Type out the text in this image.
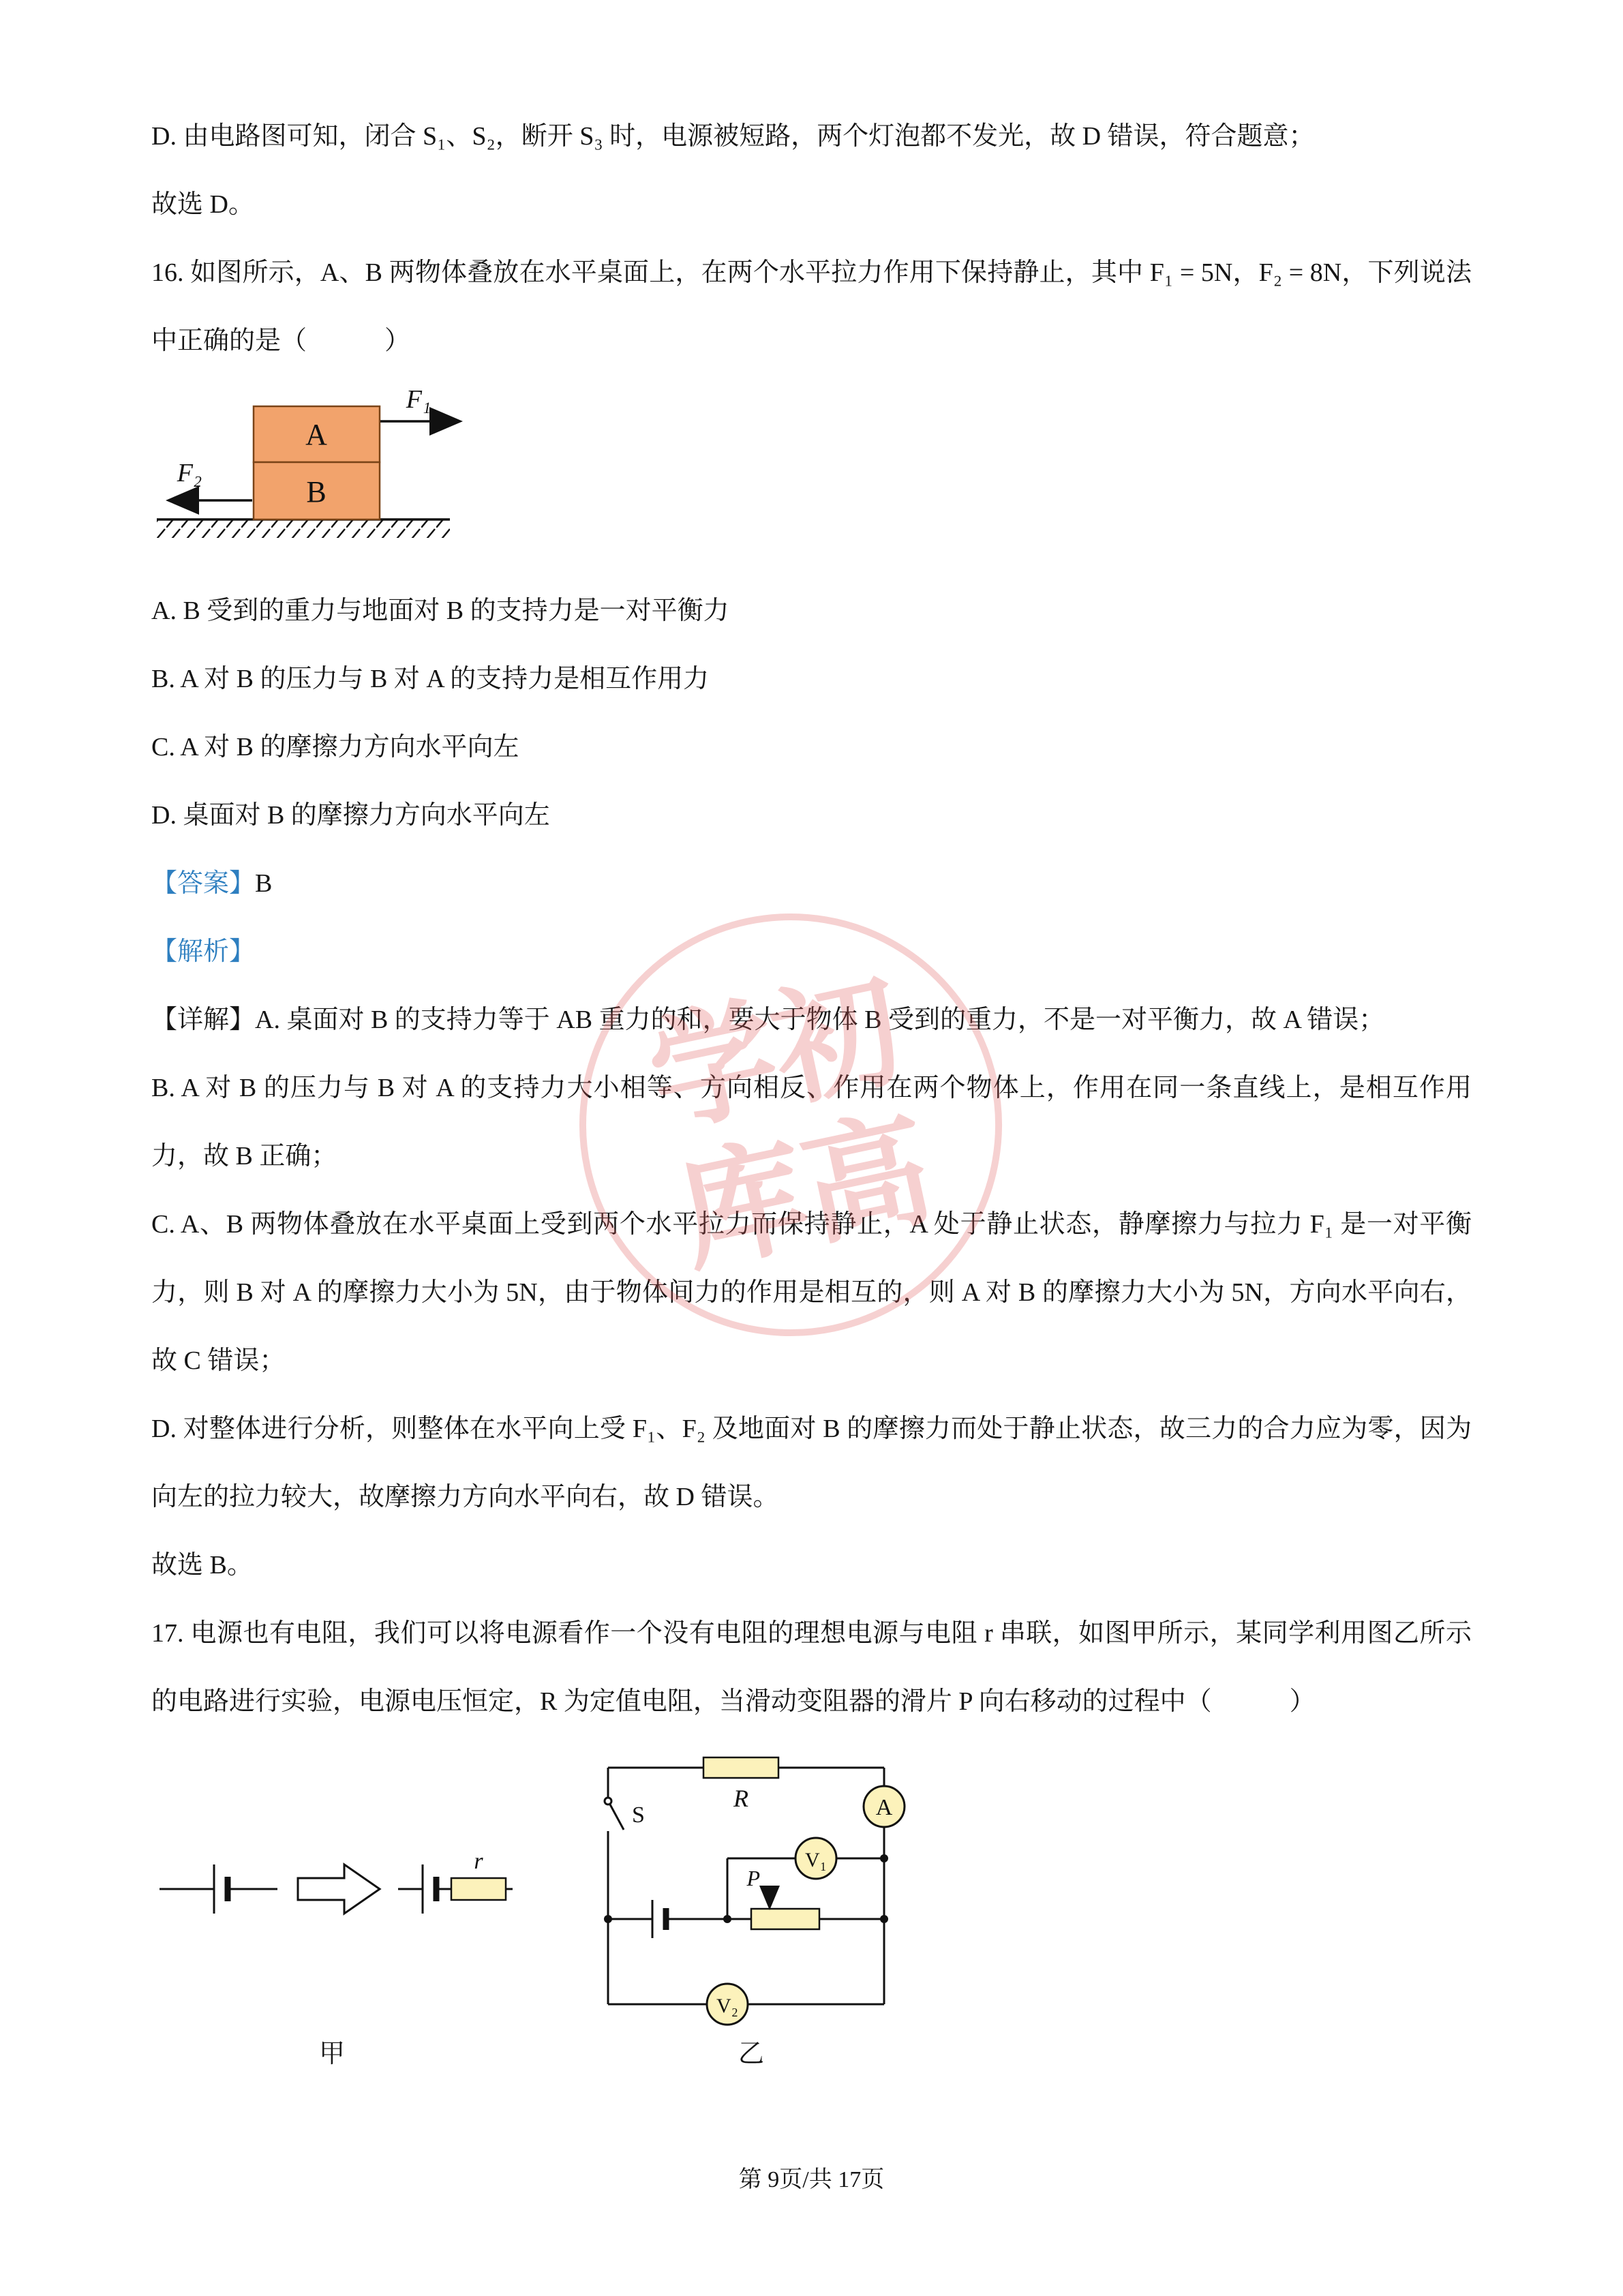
学初
库高

D. 由电路图可知，闭合 S₁、S₂，断开 S₃ 时，电源被短路，两个灯泡都不发光，故 D 错误，符合题意；

故选 D。

16. 如图所示，A、B 两物体叠放在水平桌面上，在两个水平拉力作用下保持静止，其中 F₁ = 5N，F₂ = 8N，下列说法中正确的是（　　　）

A
B
F₁
F₂

A. B 受到的重力与地面对 B 的支持力是一对平衡力

B. A 对 B 的压力与 B 对 A 的支持力是相互作用力

C. A 对 B 的摩擦力方向水平向左

D. 桌面对 B 的摩擦力方向水平向左

【答案】B

【解析】

【详解】A. 桌面对 B 的支持力等于 AB 重力的和，要大于物体 B 受到的重力，不是一对平衡力，故 A 错误；

B. A 对 B 的压力与 B 对 A 的支持力大小相等、方向相反、作用在两个物体上，作用在同一条直线上，是相互作用力，故 B 正确；

C. A、B 两物体叠放在水平桌面上受到两个水平拉力而保持静止，A 处于静止状态，静摩擦力与拉力 F₁ 是一对平衡力，则 B 对 A 的摩擦力大小为 5N，由于物体间力的作用是相互的，则 A 对 B 的摩擦力大小为 5N，方向水平向右，故 C 错误；

D. 对整体进行分析，则整体在水平向上受 F₁、F₂ 及地面对 B 的摩擦力而处于静止状态，故三力的合力应为零，因为向左的拉力较大，故摩擦力方向水平向右，故 D 错误。

故选 B。

17. 电源也有电阻，我们可以将电源看作一个没有电阻的理想电源与电阻 r 串联，如图甲所示，某同学利用图乙所示的电路进行实验，电源电压恒定，R 为定值电阻，当滑动变阻器的滑片 P 向右移动的过程中（　　　）

r
甲
R	A
S
P
V₁
V₂
乙

第 9页/共 17页
